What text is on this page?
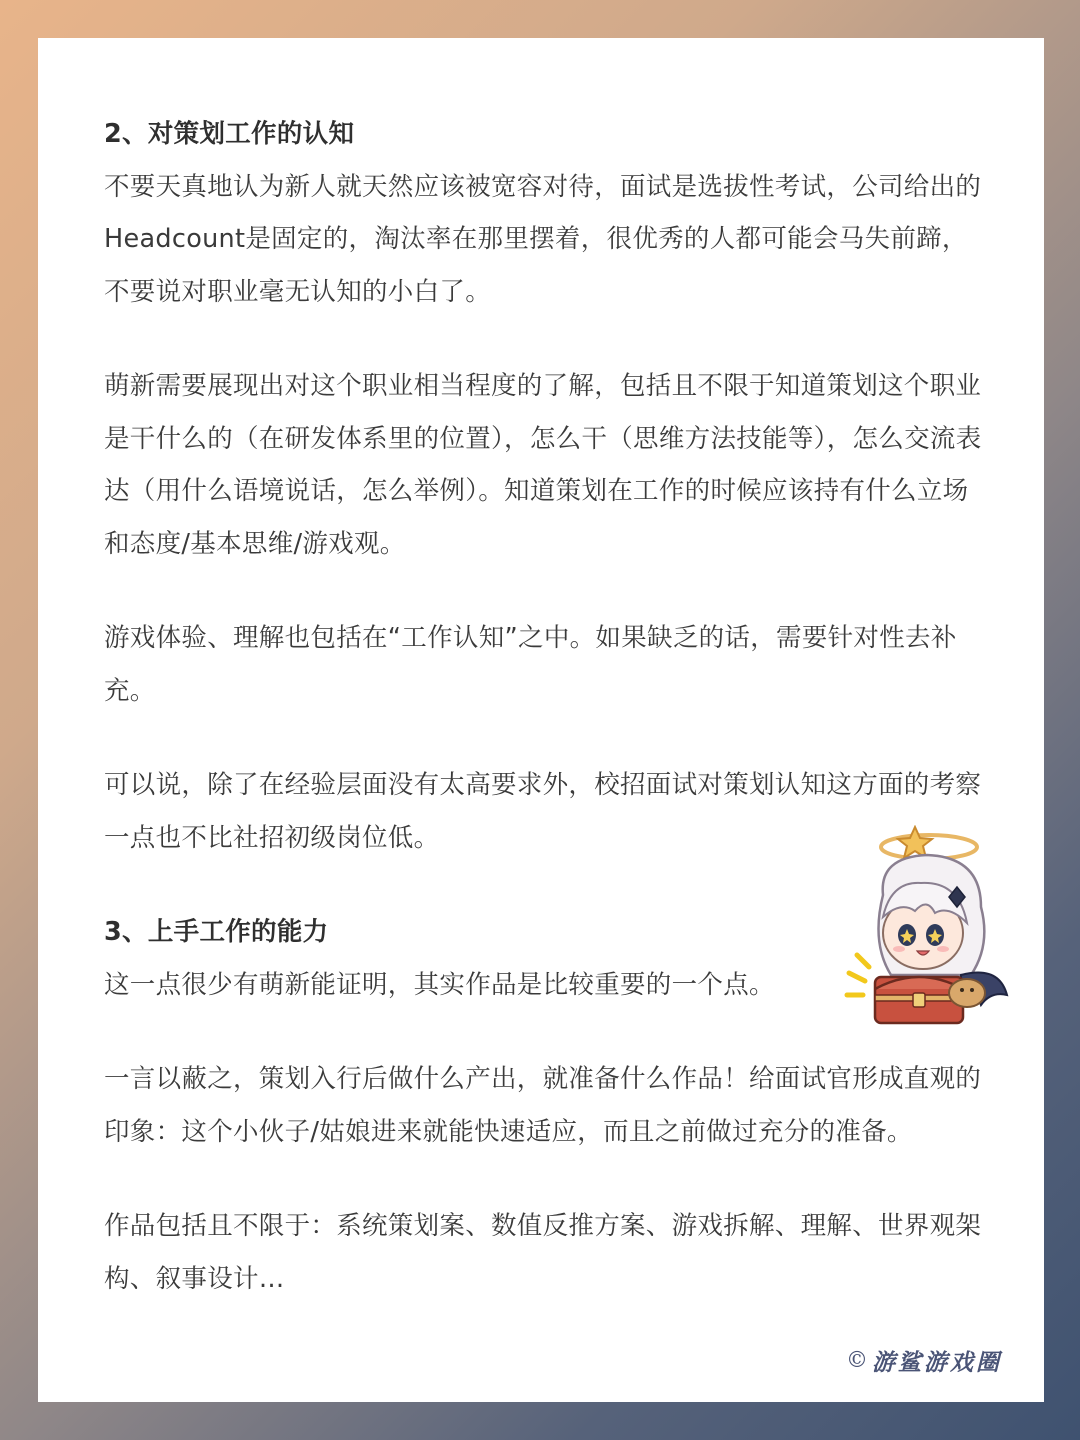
2、对策划工作的认知

不要天真地认为新人就天然应该被宽容对待，面试是选拔性考试，公司给出的Headcount是固定的，淘汰率在那里摆着，很优秀的人都可能会马失前蹄，不要说对职业毫无认知的小白了。

萌新需要展现出对这个职业相当程度的了解，包括且不限于知道策划这个职业是干什么的（在研发体系里的位置），怎么干（思维方法技能等），怎么交流表达（用什么语境说话，怎么举例）。知道策划在工作的时候应该持有什么立场和态度/基本思维/游戏观。

游戏体验、理解也包括在“工作认知”之中。如果缺乏的话，需要针对性去补充。

可以说，除了在经验层面没有太高要求外，校招面试对策划认知这方面的考察一点也不比社招初级岗位低。

3、上手工作的能力

这一点很少有萌新能证明，其实作品是比较重要的一个点。

一言以蔽之，策划入行后做什么产出，就准备什么作品！给面试官形成直观的印象：这个小伙子/姑娘进来就能快速适应，而且之前做过充分的准备。

作品包括且不限于：系统策划案、数值反推方案、游戏拆解、理解、世界观架构、叙事设计…

© 游鲨游戏圈
